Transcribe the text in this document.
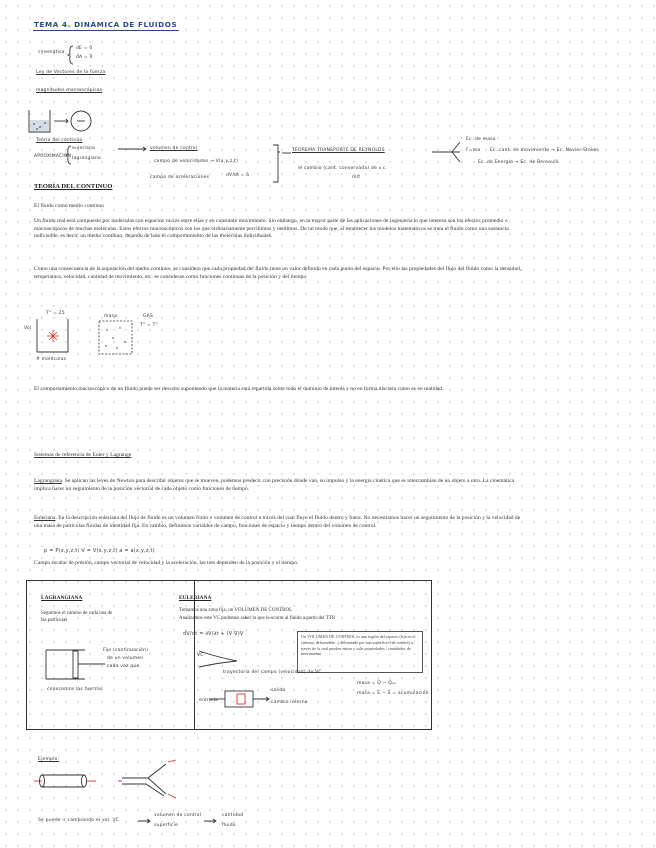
TEMA 4. DINÁMICA DE FLUIDOS
cinemática
dE = 0
dA = 0
Ley de Vectores de la fuerza
magnitudes macroscópicas
Teoría del continuo
APROXIMACIÓN
euleriana
lagrangiana
volumen de control
campo de velocidades → V(x,y,z,t)
campo de aceleraciones	dV/dt = ā
TEOREMA TRANSPORTE DE REYNOLDS
el cambio (cant. conservada) de v.c.
m/t
Ec. de masa
F=ma Ec. cant. de movimiento → Ec. Navier-Stokes
Ec. de Energía → Ec. de Bernoulli
TEORÍA DEL CONTINUO
El fluido como medio continuo
Un fluido real está compuesto por moléculas con espacios vacíos entre ellas y en constante movimiento. Sin embargo, en la mayor parte de las aplicaciones de ingeniería lo que interesa son los efectos promedio o macroscópicos de muchas moléculas. Estos efectos macroscópicos son los que ordinariamente percibimos y medimos. De tal modo que, al establecer los modelos matemáticos se trata el fluido como una sustancia indivisible, es decir, un medio continuo, dejando de lado el comportamiento de las moléculas individuales.
Como una consecuencia de la suposición del medio continuo, se considera que cada propiedad del fluido tiene un valor definido en cada punto del espacio. Por ello las propiedades del flujo del fluido como la densidad, temperatura, velocidad, cantidad de movimiento, etc. se consideran como funciones continuas de la posición y del tiempo.
T° = 25
Vol
# moléculas
masa	GAS
T° = T°
El comportamiento macroscópico de un fluido puede ser descrito suponiendo que la materia está repartida sobre todo el dominio de interés y no en forma discreta como es en realidad.
Sistemas de referencia de Euler y Lagrange
Lagrangiana. Se aplican las leyes de Newton para describir objetos que se mueven, podemos predecir con precisión dónde van, su impulso y la energía cinética que se intercambian de un objeto a otro. La cinemática implica hacer un seguimiento de la posición vectorial de cada objeto como funciones de tiempo.
Euleriana. En la descripción euleriana del flujo de fluido es un volumen finito o volumen de control a través del cual fluye el fluido dentro y fuera. No necesitamos hacer un seguimiento de la posición y la velocidad de una masa de partículas fluidas de identidad fija. En cambio, definimos variables de campo, funciones de espacio y tiempo dentro del volumen de control.
p = P(x,y,z,t) V = V(x,y,z,t) a = a(x,y,z,t)
Campo escalar de presión, campo vectorial de velocidad y la aceleración, las tres dependen de la posición y el tiempo.
LAGRANGIANA
Seguimos el camino de cada una de
las partículas
Fijo (continuación)
de un volumen
cada vez que
conocemos las fuerzas
EULERIANA
Tomamos una zona fija, un VOLUMEN DE CONTROL
Analizamos este VC podemos saber lo que le ocurre al fluido a partir del TTR
dV/dt = ∂V/∂t + (V·∇)V	Un VOLUMEN DE CONTROL es una región del espacio (fija en el sistema, deformable...) delimitada por una superficie (de control) a través de la cual pueden entrar y salir propiedades / cantidades de movimiento
VC
trayectoria del campo (velocidad) de VC
entrada
salida
cambio interno
masa = Q̇ − Q̇ₛₑ
masa = E − S = acumulación
Ejemplo:
Se puede ir cambiando el vol. VC
volumen de control
superficie
cantidad
fluido
